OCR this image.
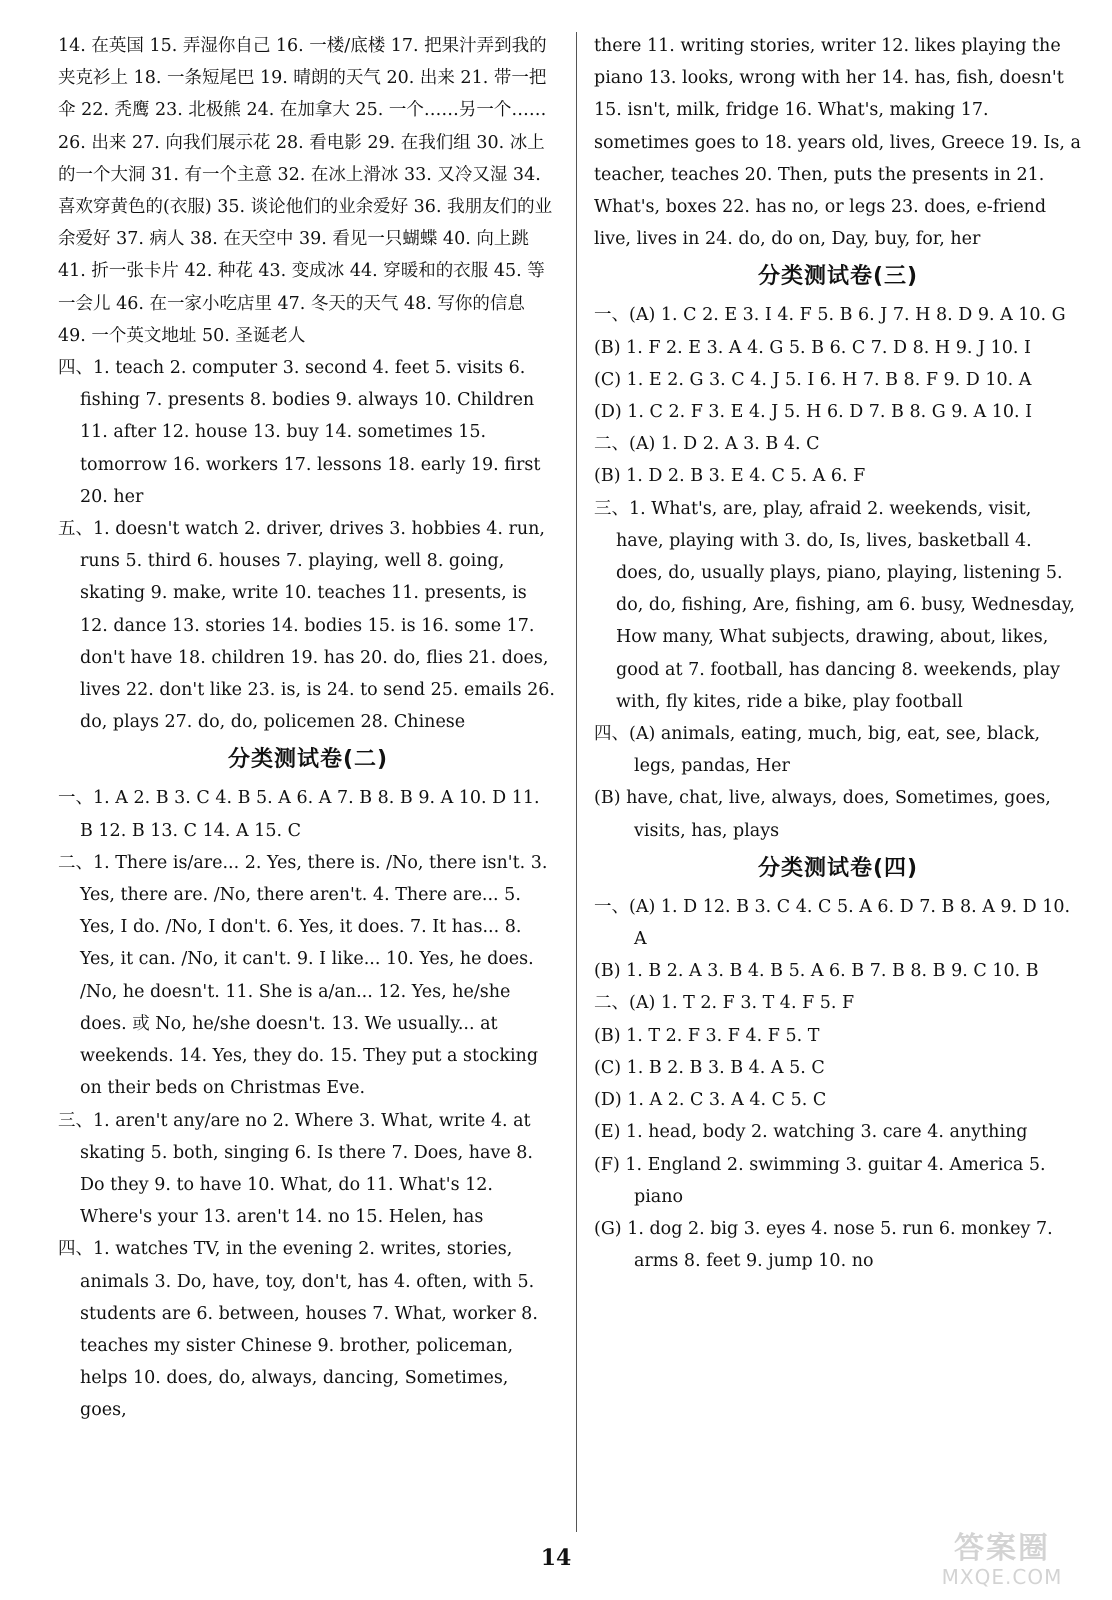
14. 在英国 15. 弄湿你自己 16. 一楼/底楼 17. 把果汁弄到我的夹克衫上 18. 一条短尾巴 19. 晴朗的天气 20. 出来 21. 带一把伞 22. 秃鹰 23. 北极熊 24. 在加拿大 25. 一个……另一个…… 26. 出来 27. 向我们展示花 28. 看电影 29. 在我们组 30. 冰上的一个大洞 31. 有一个主意 32. 在冰上滑冰 33. 又冷又湿 34. 喜欢穿黄色的(衣服) 35. 谈论他们的业余爱好 36. 我朋友们的业余爱好 37. 病人 38. 在天空中 39. 看见一只蝴蝶 40. 向上跳 41. 折一张卡片 42. 种花 43. 变成冰 44. 穿暖和的衣服 45. 等一会儿 46. 在一家小吃店里 47. 冬天的天气 48. 写你的信息 49. 一个英文地址 50. 圣诞老人
四、1. teach 2. computer 3. second 4. feet 5. visits 6. fishing 7. presents 8. bodies 9. always 10. Children 11. after 12. house 13. buy 14. sometimes 15. tomorrow 16. workers 17. lessons 18. early 19. first 20. her
五、1. doesn't watch 2. driver, drives 3. hobbies 4. run, runs 5. third 6. houses 7. playing, well 8. going, skating 9. make, write 10. teaches 11. presents, is 12. dance 13. stories 14. bodies 15. is 16. some 17. don't have 18. children 19. has 20. do, flies 21. does, lives 22. don't like 23. is, is 24. to send 25. emails 26. do, plays 27. do, do, policemen 28. Chinese
分类测试卷(二)
一、1. A 2. B 3. C 4. B 5. A 6. A 7. B 8. B 9. A 10. D 11. B 12. B 13. C 14. A 15. C
二、1. There is/are... 2. Yes, there is. /No, there isn't. 3. Yes, there are. /No, there aren't. 4. There are... 5. Yes, I do. /No, I don't. 6. Yes, it does. 7. It has... 8. Yes, it can. /No, it can't. 9. I like... 10. Yes, he does. /No, he doesn't. 11. She is a/an... 12. Yes, he/she does. 或 No, he/she doesn't. 13. We usually... at weekends. 14. Yes, they do. 15. They put a stocking on their beds on Christmas Eve.
三、1. aren't any/are no 2. Where 3. What, write 4. at skating 5. both, singing 6. Is there 7. Does, have 8. Do they 9. to have 10. What, do 11. What's 12. Where's your 13. aren't 14. no 15. Helen, has
四、1. watches TV, in the evening 2. writes, stories, animals 3. Do, have, toy, don't, has 4. often, with 5. students are 6. between, houses 7. What, worker 8. teaches my sister Chinese 9. brother, policeman, helps 10. does, do, always, dancing, Sometimes, goes,
there 11. writing stories, writer 12. likes playing the piano 13. looks, wrong with her 14. has, fish, doesn't 15. isn't, milk, fridge 16. What's, making 17. sometimes goes to 18. years old, lives, Greece 19. Is, a teacher, teaches 20. Then, puts the presents in 21. What's, boxes 22. has no, or legs 23. does, e-friend live, lives in 24. do, do on, Day, buy, for, her
分类测试卷(三)
一、(A) 1. C 2. E 3. I 4. F 5. B 6. J 7. H 8. D 9. A 10. G
(B) 1. F 2. E 3. A 4. G 5. B 6. C 7. D 8. H 9. J 10. I
(C) 1. E 2. G 3. C 4. J 5. I 6. H 7. B 8. F 9. D 10. A
(D) 1. C 2. F 3. E 4. J 5. H 6. D 7. B 8. G 9. A 10. I
二、(A) 1. D 2. A 3. B 4. C
(B) 1. D 2. B 3. E 4. C 5. A 6. F
三、1. What's, are, play, afraid 2. weekends, visit, have, playing with 3. do, Is, lives, basketball 4. does, do, usually plays, piano, playing, listening 5. do, do, fishing, Are, fishing, am 6. busy, Wednesday, How many, What subjects, drawing, about, likes, good at 7. football, has dancing 8. weekends, play with, fly kites, ride a bike, play football
四、(A) animals, eating, much, big, eat, see, black, legs, pandas, Her
(B) have, chat, live, always, does, Sometimes, goes, visits, has, plays
分类测试卷(四)
一、(A) 1. D 12. B 3. C 4. C 5. A 6. D 7. B 8. A 9. D 10. A
(B) 1. B 2. A 3. B 4. B 5. A 6. B 7. B 8. B 9. C 10. B
二、(A) 1. T 2. F 3. T 4. F 5. F
(B) 1. T 2. F 3. F 4. F 5. T
(C) 1. B 2. B 3. B 4. A 5. C
(D) 1. A 2. C 3. A 4. C 5. C
(E) 1. head, body 2. watching 3. care 4. anything
(F) 1. England 2. swimming 3. guitar 4. America 5. piano
(G) 1. dog 2. big 3. eyes 4. nose 5. run 6. monkey 7. arms 8. feet 9. jump 10. no
14	答案圈
MXQE.COM
